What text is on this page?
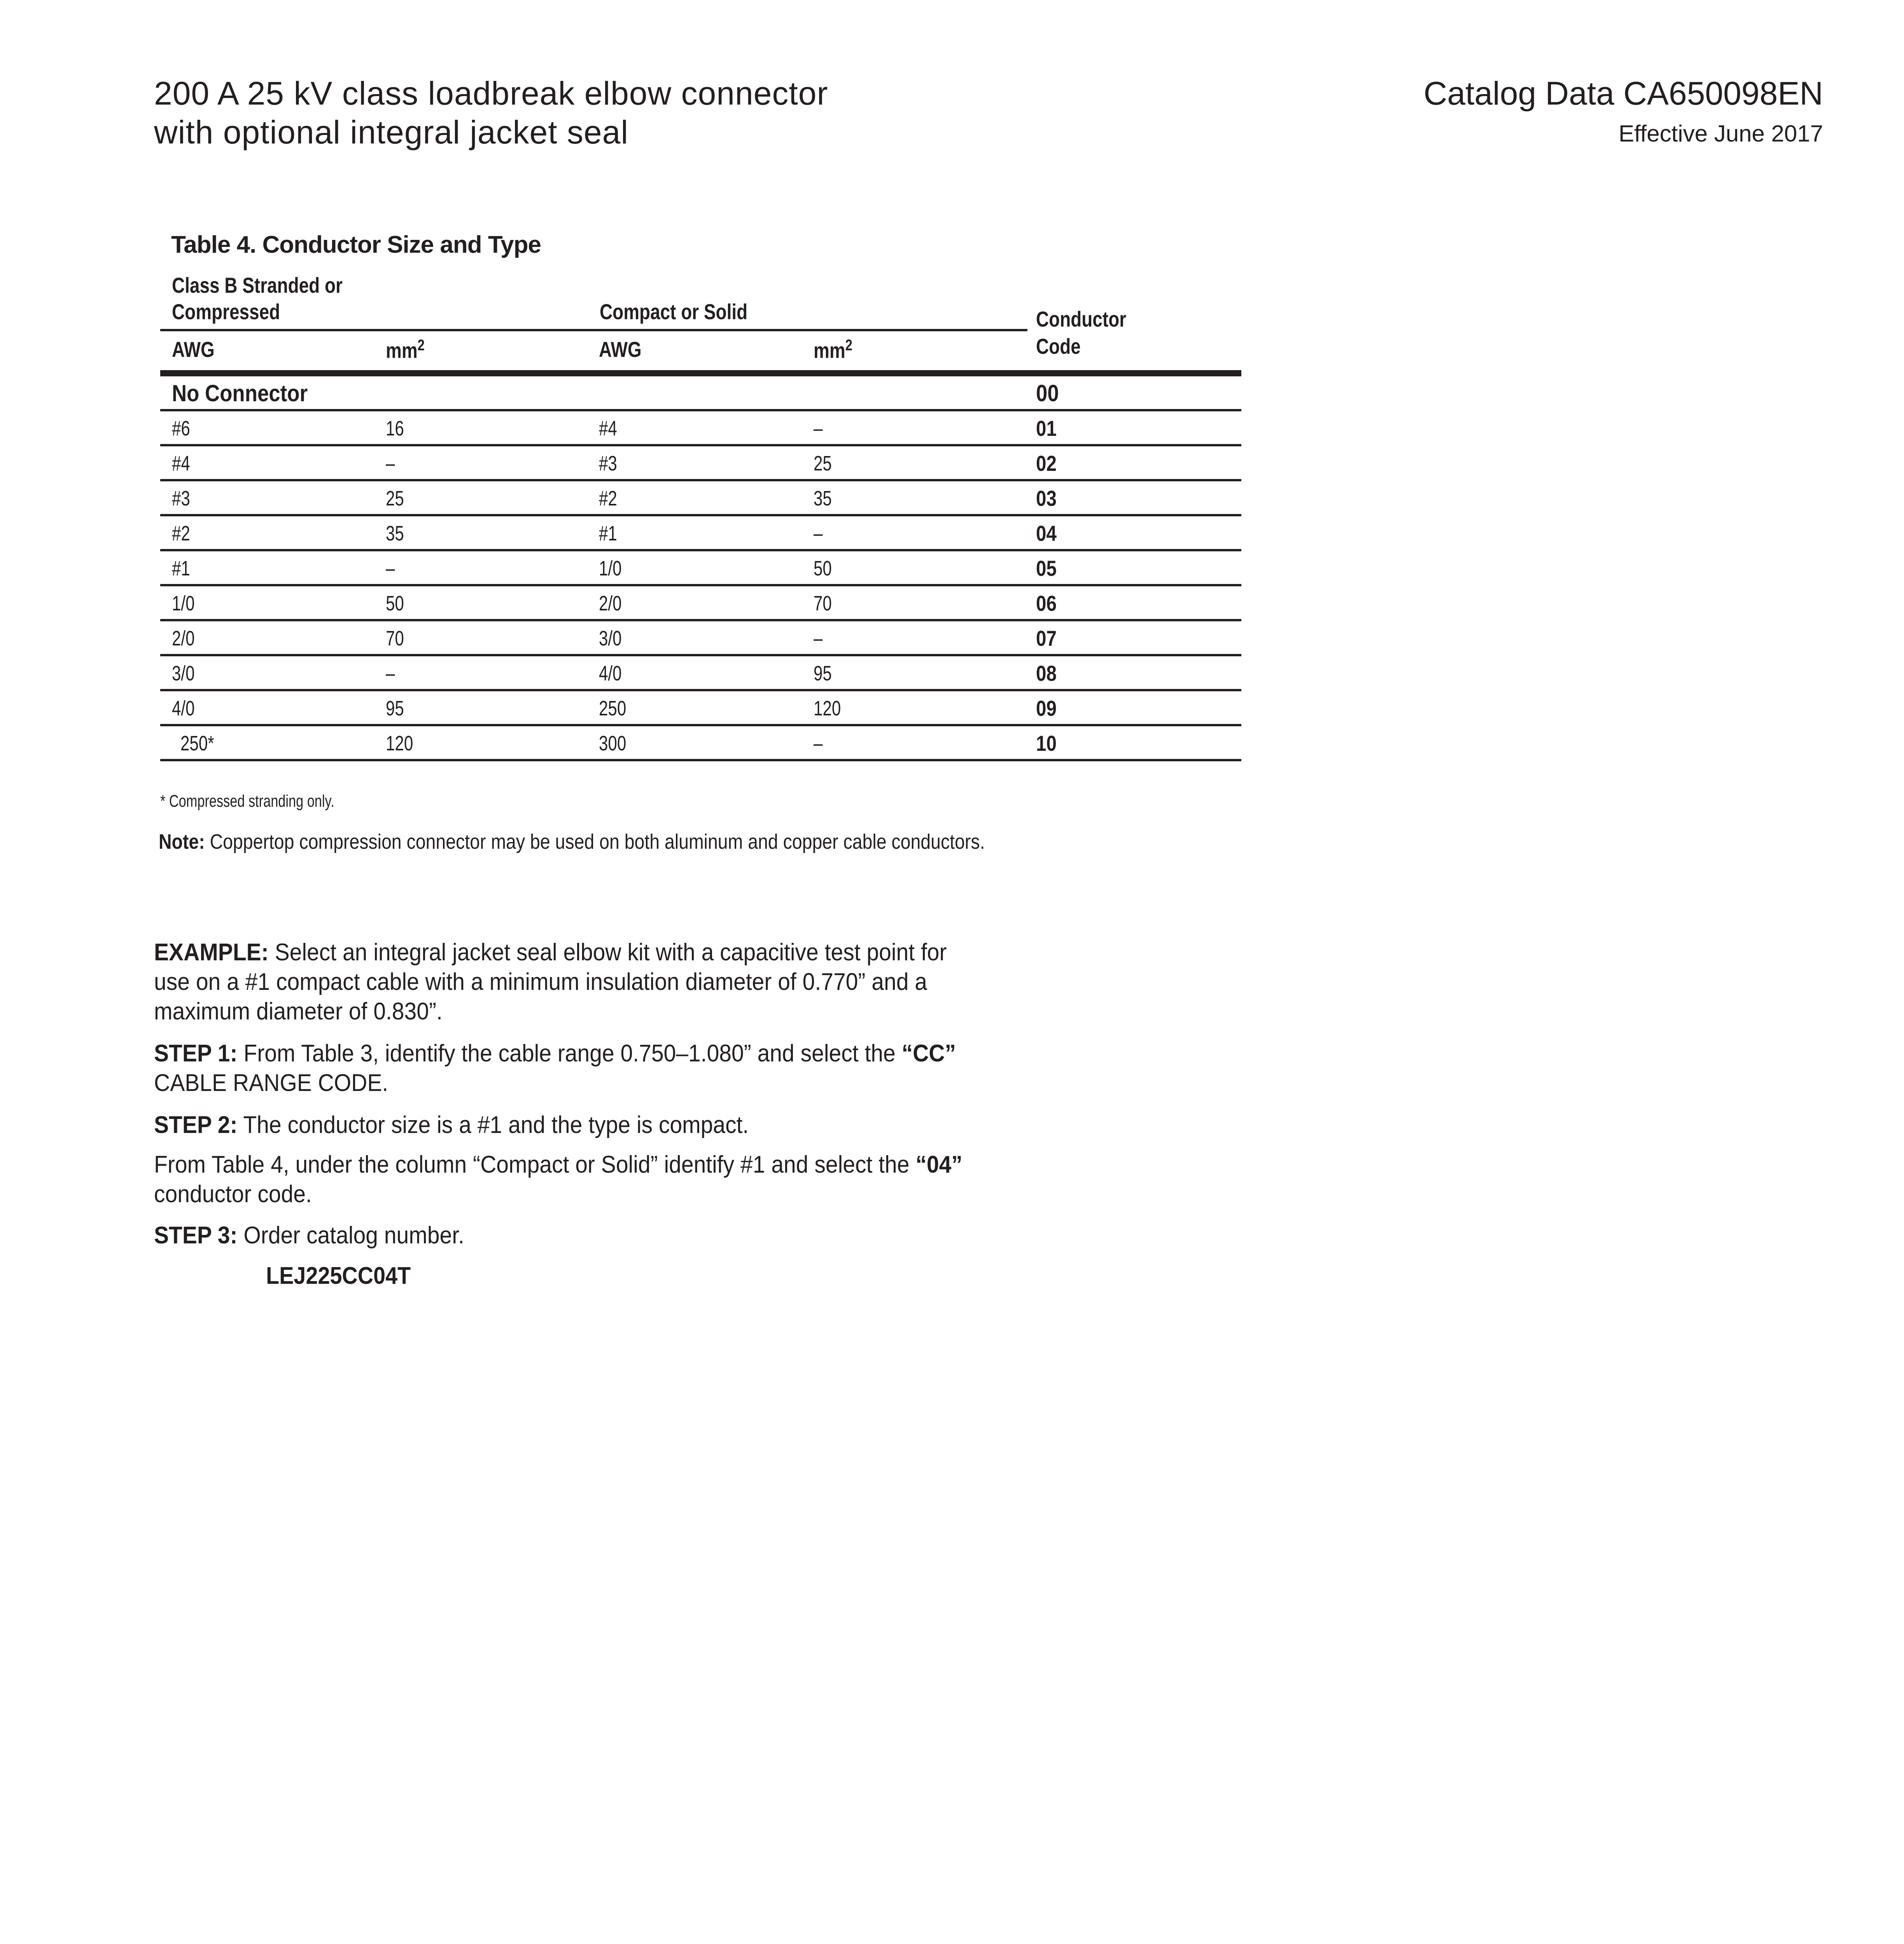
200 A 25 kV class loadbreak elbow connector
with optional integral jacket seal
Catalog Data CA650098EN
Effective June 2017
Table 4. Conductor Size and Type
Class B Stranded or
Compressed	Compact or Solid	Conductor
Code
AWG	$mm^2$	AWG	$mm^2$
No Connector	00
#6	16	#4	–	01
#4	–	#3	25	02
#3	25	#2	35	03
#2	35	#1	–	04
#1	–	1/0	50	05
1/0	50	2/0	70	06
2/0	70	3/0	–	07
3/0	–	4/0	95	08
4/0	95	250	120	09
250*	120	300	–	10
* Compressed stranding only.
Note: Coppertop compression connector may be used on both aluminum and copper cable conductors.
EXAMPLE: Select an integral jacket seal elbow kit with a capacitive test point for use on a #1 compact cable with a minimum insulation diameter of 0.770” and a maximum diameter of 0.830”.
STEP 1: From Table 3, identify the cable range 0.750–1.080” and select the “CC” CABLE RANGE CODE.
STEP 2: The conductor size is a #1 and the type is compact.
From Table 4, under the column “Compact or Solid” identify #1 and select the “04” conductor code.
STEP 3: Order catalog number.
LEJ225CC04T
